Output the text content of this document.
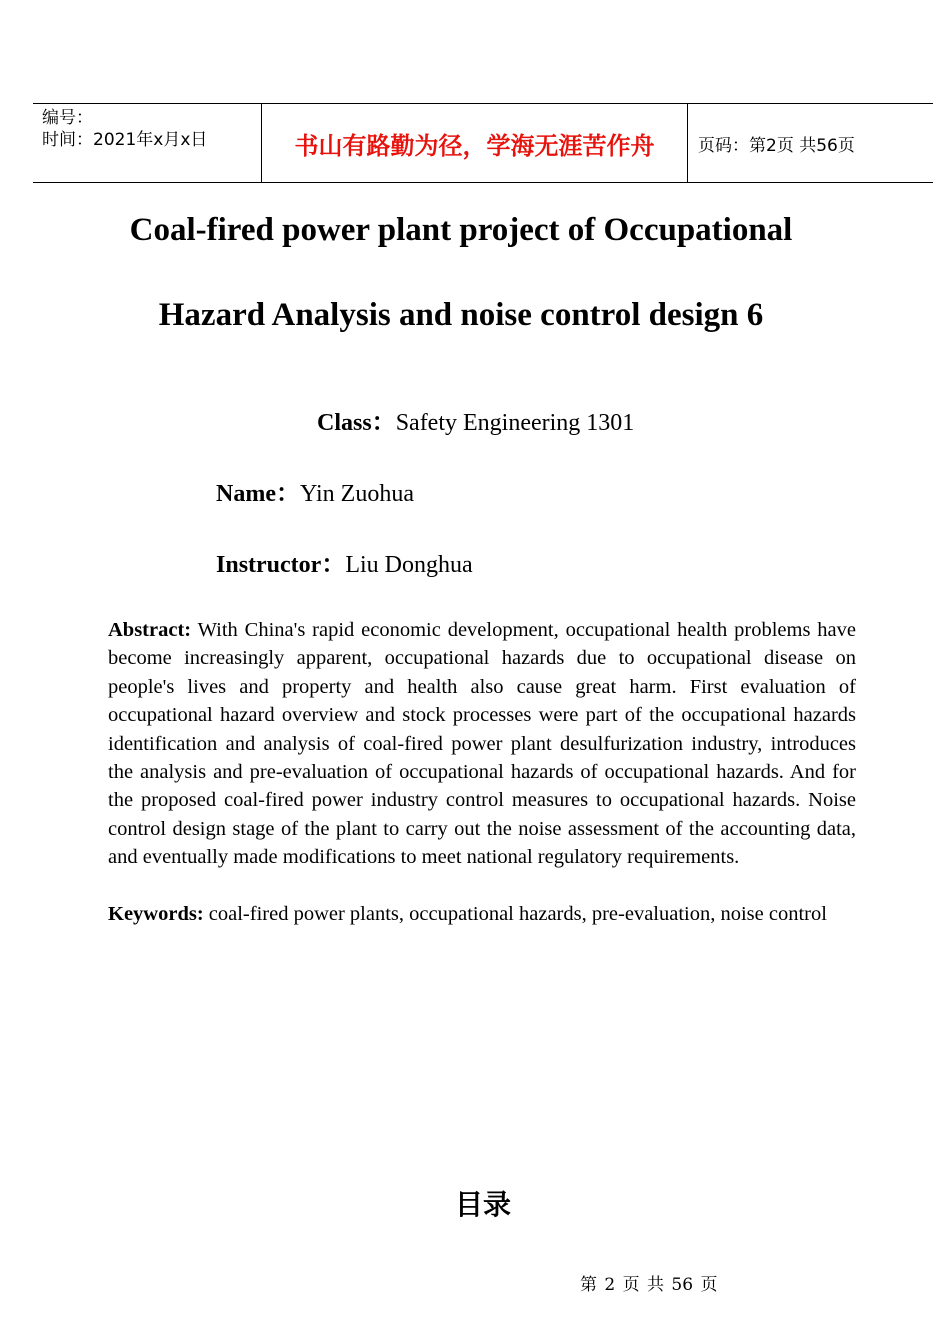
编号：
时间：2021年x月x日	书山有路勤为径，学海无涯苦作舟	页码：第2页 共56页
Coal-fired power plant project of Occupational
Hazard Analysis and noise control design 6
Class：Safety Engineering 1301
Name：Yin Zuohua
Instructor：Liu Donghua
Abstract: With China's rapid economic development, occupational health problems have become increasingly apparent, occupational hazards due to occupational disease on people's lives and property and health also cause great harm. First evaluation of occupational hazard overview and stock processes were part of the occupational hazards identification and analysis of coal-fired power plant desulfurization industry, introduces the analysis and pre-evaluation of occupational hazards of occupational hazards. And for the proposed coal-fired power industry control measures to occupational hazards. Noise control design stage of the plant to carry out the noise assessment of the accounting data, and eventually made modifications to meet national regulatory requirements.
Keywords: coal-fired power plants, occupational hazards, pre-evaluation, noise control
目录
第 2 页 共 56 页
